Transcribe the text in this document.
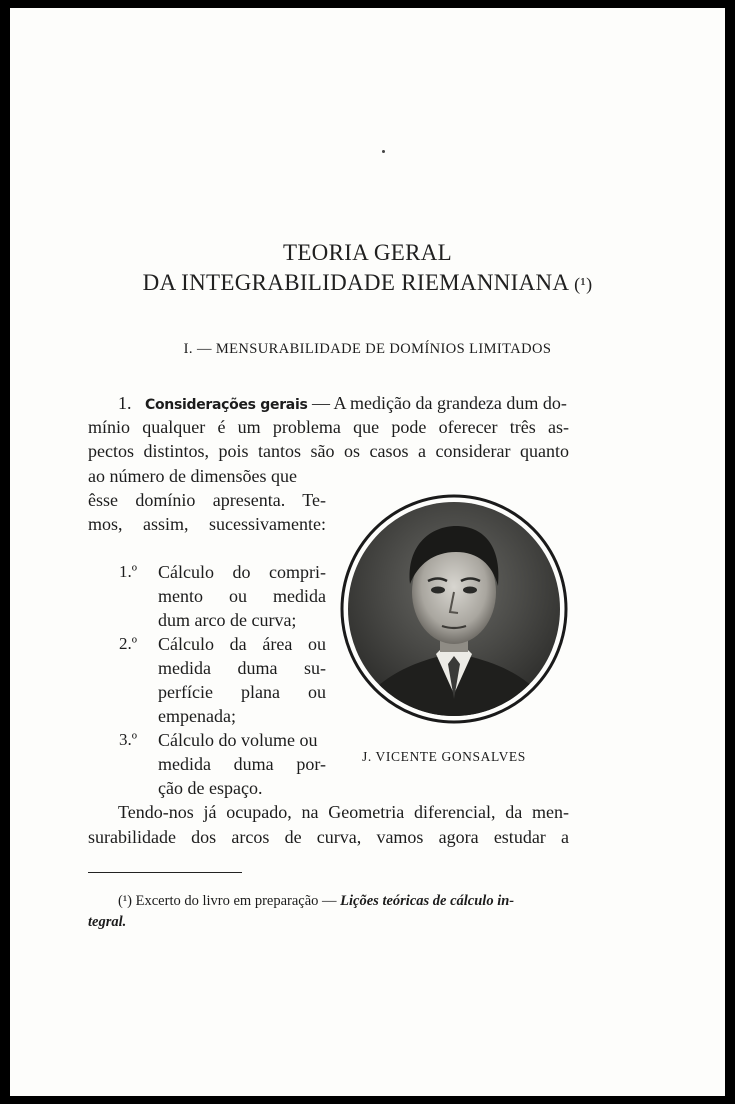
TEORIA GERAL
DA INTEGRABILIDADE RIEMANNIANA (¹)
I. — MENSURABILIDADE DE DOMÍNIOS LIMITADOS
1. Considerações gerais — A medição da grandeza dum do-
mínio qualquer é um problema que pode oferecer três as-
pectos distintos, pois tantos são os casos a considerar quanto
ao número de dimensões que
êsse domínio apresenta. Te-
mos, assim, sucessivamente:
1.º Cálculo do compri-
mento ou medida
dum arco de curva;
2.º Cálculo da área ou
medida duma su-
perfície plana ou
empenada;
3.º Cálculo do volume ou
medida duma por-
ção de espaço.
Tendo-nos já ocupado, na Geometria diferencial, da men-
surabilidade dos arcos de curva, vamos agora estudar a
J. VICENTE GONSALVES
(¹) Excerto do livro em preparação — Lições teóricas de cálculo in-
tegral.
